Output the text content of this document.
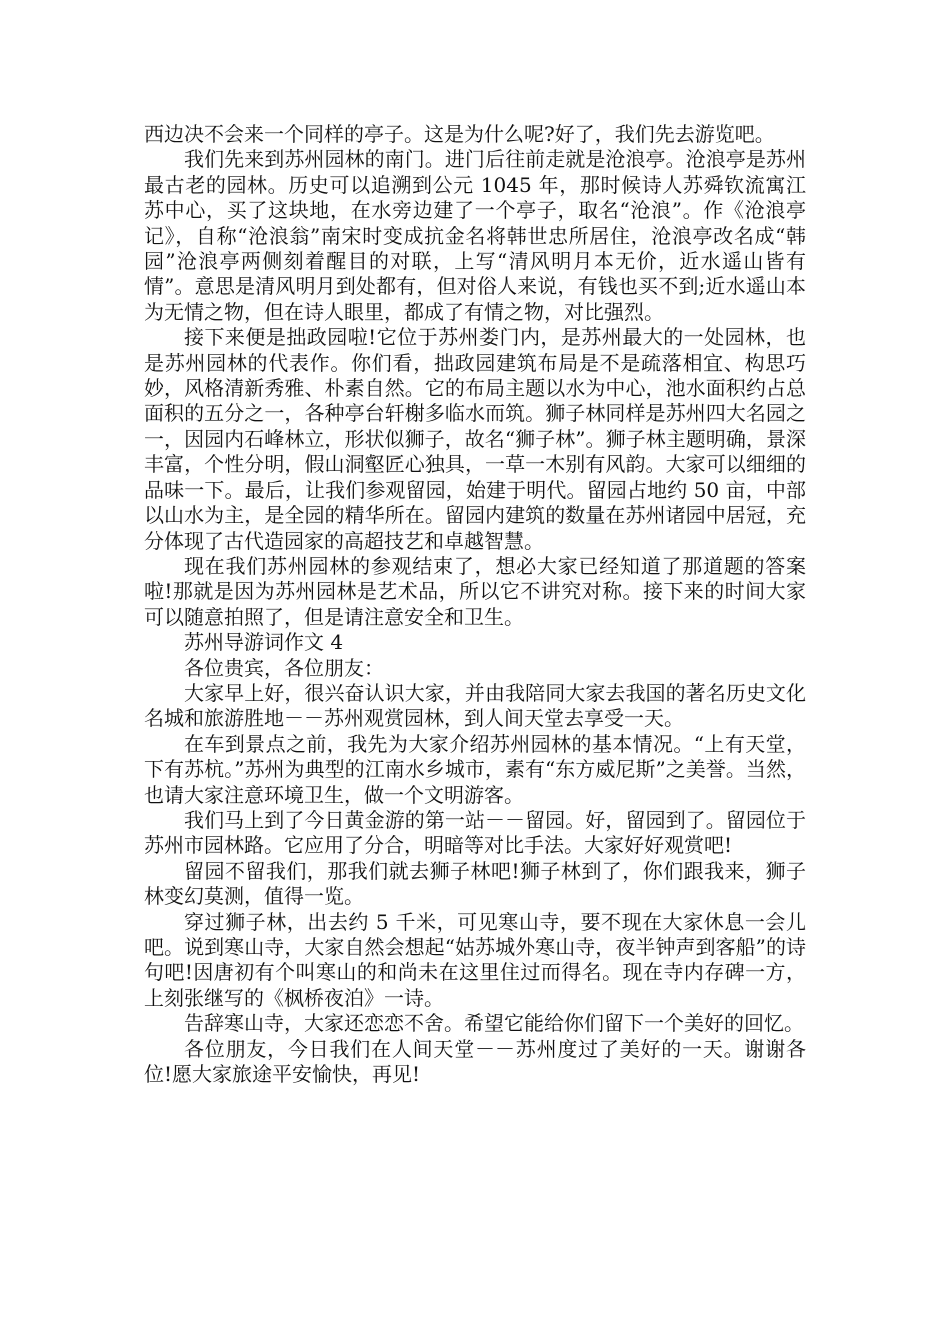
西边决不会来一个同样的亭子。这是为什么呢?好了，我们先去游览吧。

我们先来到苏州园林的南门。进门后往前走就是沧浪亭。沧浪亭是苏州最古老的园林。历史可以追溯到公元 1045 年，那时候诗人苏舜钦流寓江苏中心，买了这块地，在水旁边建了一个亭子，取名“沧浪”。作《沧浪亭记》，自称“沧浪翁”南宋时变成抗金名将韩世忠所居住，沧浪亭改名成“韩园”沧浪亭两侧刻着醒目的对联，上写“清风明月本无价，近水遥山皆有情”。意思是清风明月到处都有，但对俗人来说，有钱也买不到;近水遥山本为无情之物，但在诗人眼里，都成了有情之物，对比强烈。

接下来便是拙政园啦!它位于苏州娄门内，是苏州最大的一处园林，也是苏州园林的代表作。你们看，拙政园建筑布局是不是疏落相宜、构思巧妙，风格清新秀雅、朴素自然。它的布局主题以水为中心，池水面积约占总面积的五分之一，各种亭台轩榭多临水而筑。狮子林同样是苏州四大名园之一，因园内石峰林立，形状似狮子，故名“狮子林”。狮子林主题明确，景深丰富，个性分明，假山洞壑匠心独具，一草一木别有风韵。大家可以细细的品味一下。最后，让我们参观留园，始建于明代。留园占地约 50 亩，中部以山水为主，是全园的精华所在。留园内建筑的数量在苏州诸园中居冠，充分体现了古代造园家的高超技艺和卓越智慧。

现在我们苏州园林的参观结束了，想必大家已经知道了那道题的答案啦!那就是因为苏州园林是艺术品，所以它不讲究对称。接下来的时间大家可以随意拍照了，但是请注意安全和卫生。

苏州导游词作文 4

各位贵宾，各位朋友：

大家早上好，很兴奋认识大家，并由我陪同大家去我国的著名历史文化名城和旅游胜地－－苏州观赏园林，到人间天堂去享受一天。

在车到景点之前，我先为大家介绍苏州园林的基本情况。“上有天堂，下有苏杭。”苏州为典型的江南水乡城市，素有“东方威尼斯”之美誉。当然，也请大家注意环境卫生，做一个文明游客。

我们马上到了今日黄金游的第一站－－留园。好，留园到了。留园位于苏州市园林路。它应用了分合，明暗等对比手法。大家好好观赏吧!

留园不留我们，那我们就去狮子林吧!狮子林到了，你们跟我来，狮子林变幻莫测，值得一览。

穿过狮子林，出去约 5 千米，可见寒山寺，要不现在大家休息一会儿吧。说到寒山寺，大家自然会想起“姑苏城外寒山寺，夜半钟声到客船”的诗句吧!因唐初有个叫寒山的和尚未在这里住过而得名。现在寺内存碑一方，上刻张继写的《枫桥夜泊》一诗。

告辞寒山寺，大家还恋恋不舍。希望它能给你们留下一个美好的回忆。

各位朋友，今日我们在人间天堂－－苏州度过了美好的一天。谢谢各位!愿大家旅途平安愉快，再见!
